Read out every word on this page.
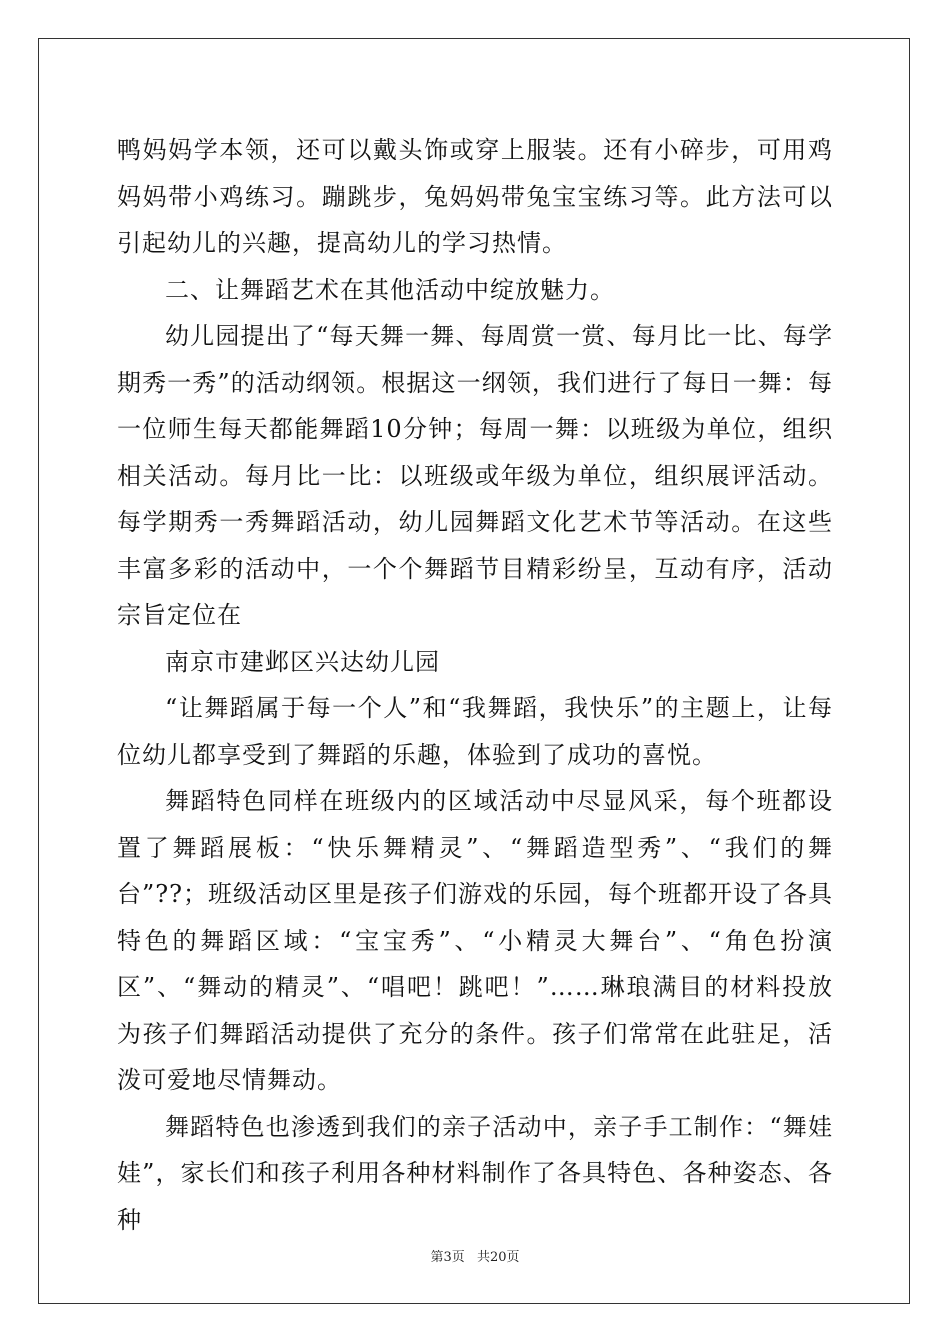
鸭妈妈学本领，还可以戴头饰或穿上服装。还有小碎步，可用鸡妈妈带小鸡练习。蹦跳步，兔妈妈带兔宝宝练习等。此方法可以引起幼儿的兴趣，提高幼儿的学习热情。

二、让舞蹈艺术在其他活动中绽放魅力。

幼儿园提出了“每天舞一舞、每周赏一赏、每月比一比、每学期秀一秀”的活动纲领。根据这一纲领，我们进行了每日一舞：每一位师生每天都能舞蹈10分钟；每周一舞：以班级为单位，组织相关活动。每月比一比：以班级或年级为单位，组织展评活动。每学期秀一秀舞蹈活动，幼儿园舞蹈文化艺术节等活动。在这些丰富多彩的活动中，一个个舞蹈节目精彩纷呈，互动有序，活动宗旨定位在

南京市建邺区兴达幼儿园

“让舞蹈属于每一个人”和“我舞蹈，我快乐”的主题上，让每位幼儿都享受到了舞蹈的乐趣，体验到了成功的喜悦。

舞蹈特色同样在班级内的区域活动中尽显风采，每个班都设置了舞蹈展板：“快乐舞精灵”、“舞蹈造型秀”、“我们的舞台”??；班级活动区里是孩子们游戏的乐园，每个班都开设了各具特色的舞蹈区域：“宝宝秀”、“小精灵大舞台”、“角色扮演区”、“舞动的精灵”、“唱吧！跳吧！”……琳琅满目的材料投放为孩子们舞蹈活动提供了充分的条件。孩子们常常在此驻足，活泼可爱地尽情舞动。

舞蹈特色也渗透到我们的亲子活动中，亲子手工制作：“舞娃娃”，家长们和孩子利用各种材料制作了各具特色、各种姿态、各种

第3页 共20页
